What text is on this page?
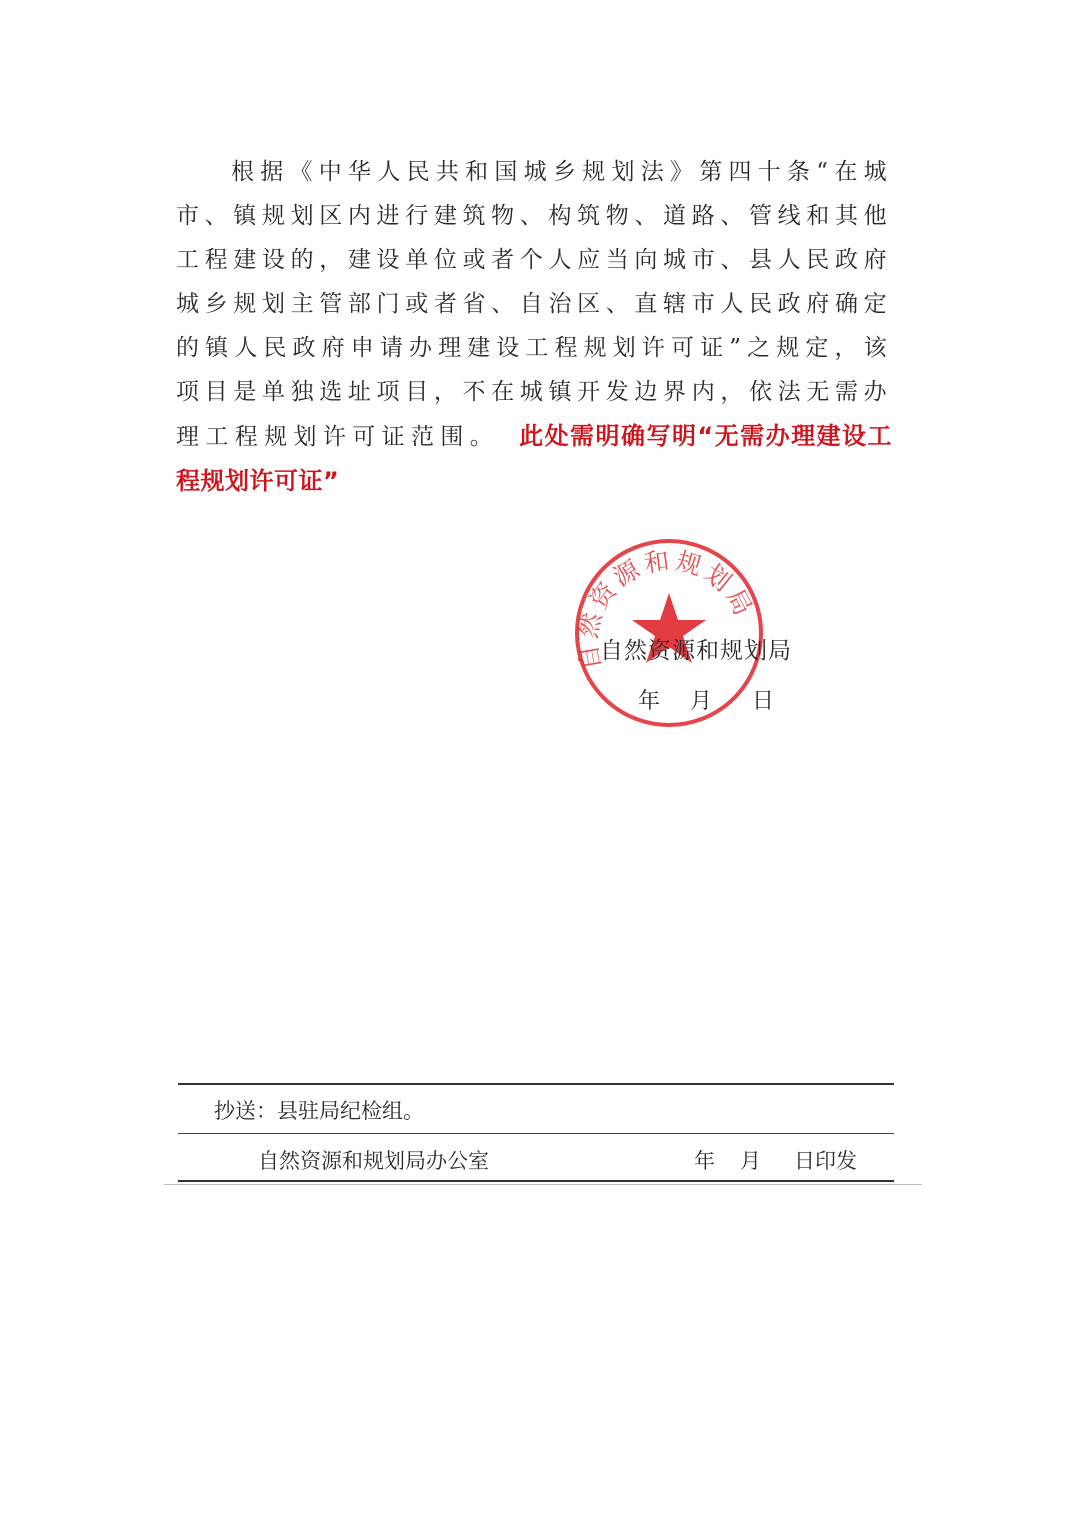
根据《中华人民共和国城乡规划法》第四十条“在城市、镇规划区内进行建筑物、构筑物、道路、管线和其他工程建设的，建设单位或者个人应当向城市、县人民政府城乡规划主管部门或者省、自治区、直辖市人民政府确定的镇人民政府申请办理建设工程规划许可证”之规定，该项目是单独选址项目，不在城镇开发边界内，依法无需办理工程规划许可证范围。 此处需明确写明“无需办理建设工程规划许可证”

自然资源和规划局
自然资源和规划局
年 月 日
抄送：县驻局纪检组。
自然资源和规划局办公室	年 月 日印发
